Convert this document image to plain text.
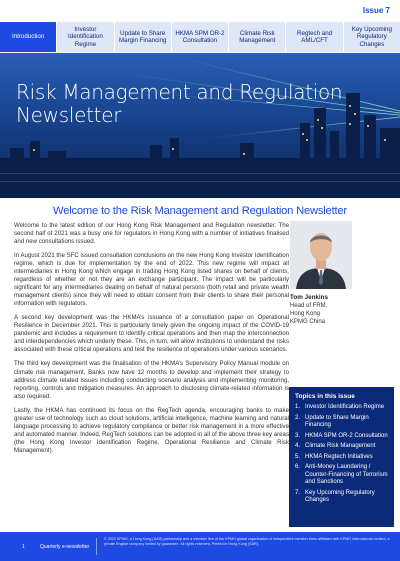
Issue 7
Introduction
Investor Identification Regime
Update to Share Margin Financing
HKMA SPM OR-2 Consultation
Climate Risk Management
Regtech and AML/CFT
Key Upcoming Regulatory Changes
Risk Management and Regulation
Newsletter
Welcome to the Risk Management and Regulation Newsletter

Welcome to the latest edition of our Hong Kong Risk Management and Regulation newsletter. The second half of 2021 was a busy one for regulators in Hong Kong with a number of initiatives finalised and new consultations issued.

In August 2021 the SFC issued consultation conclusions on the new Hong Kong Investor Identification regime, which is due for implementation by the end of 2022. This new regime will impact all intermediaries in Hong Kong which engage in trading Hong Kong listed shares on behalf of clients, regardless of whether or not they are an exchange participant. The impact will be particularly significant for any intermediaries dealing on behalf of natural persons (both retail and private wealth management clients) since they will need to obtain consent from their clients to share their personal information with regulators.

A second key development was the HKMA’s issuance of a consultation paper on Operational Resilience in December 2021. This is particularly timely given the ongoing impact of the COVID-19 pandemic and includes a requirement to identify critical operations and then map the interconnection and interdependencies which underly these. This, in turn, will allow institutions to understand the risks associated with these critical operations and test the resilience of operations under various scenarios.

The third key development was the finalisation of the HKMA’s Supervisory Policy Manual module on climate risk management. Banks now have 12 months to develop and implement their strategy to address climate related issues including conducting scenario analysis and implementing monitoring, reporting, controls and mitigation measures. An approach to disclosing climate-related information is also required.

Lastly, the HKMA has continued its focus on the RegTech agenda, encouraging banks to make greater use of technology such as cloud solutions, artificial intelligence, machine learning and natural language processing to achieve regulatory compliance or better risk management in a more effective and automated manner. Indeed, RegTech solutions can be adopted in all of the above three key areas (the Hong Kong Investor Identification Regime, Operational Resilience and Climate Risk Management).

Tom Jenkins
Head of FRM,
Hong Kong
KPMG China
Topics in this issue
1. Investor Identification Regime
2. Update to Share Margin Financing
3. HKMA SPM OR-2 Consultation
4. Climate Risk Management
5. HKMA Regtech Initiatives
6. Anti-Money Laundering / Counter-Financing of Terrorism and Sanctions
7. Key Upcoming Regulatory Changes
1	Quarterly e-newsletter
© 2022 KPMG, a Hong Kong (SAR) partnership and a member firm of the KPMG global organisation of independent member firms affiliated with KPMG International Limited, a private English company limited by guarantee. All rights reserved. Printed in Hong Kong (SAR).
